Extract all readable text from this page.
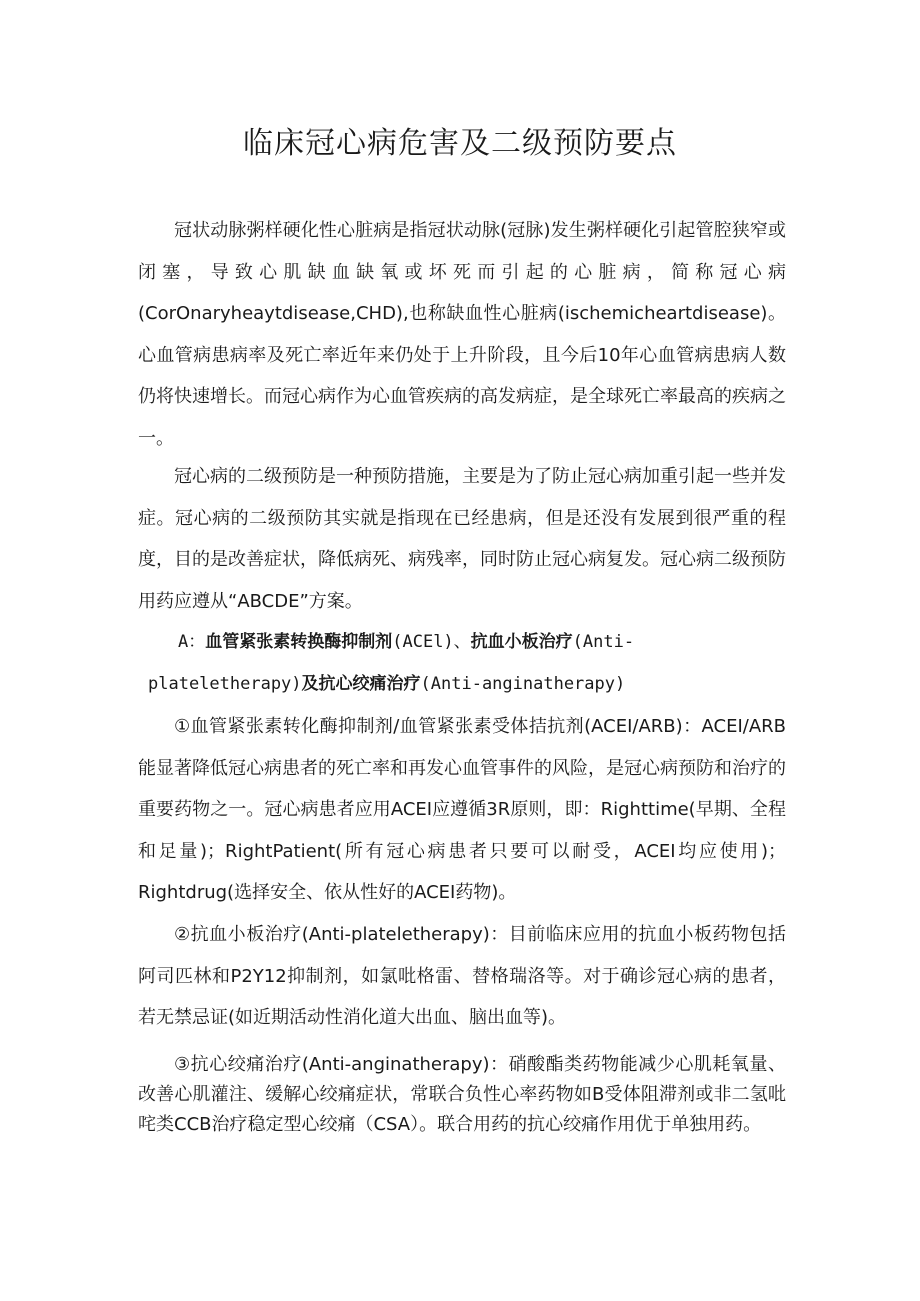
临床冠心病危害及二级预防要点

冠状动脉粥样硬化性心脏病是指冠状动脉(冠脉)发生粥样硬化引起管腔狭窄或闭塞，导致心肌缺血缺氧或坏死而引起的心脏病，简称冠心病(CorOnaryheaytdisease,CHD),也称缺血性心脏病(ischemicheartdisease)。心血管病患病率及死亡率近年来仍处于上升阶段，且今后10年心血管病患病人数仍将快速增长。而冠心病作为心血管疾病的高发病症，是全球死亡率最高的疾病之一。

冠心病的二级预防是一种预防措施，主要是为了防止冠心病加重引起一些并发症。冠心病的二级预防其实就是指现在已经患病，但是还没有发展到很严重的程度，目的是改善症状，降低病死、病残率，同时防止冠心病复发。冠心病二级预防用药应遵从“ABCDE”方案。

A：血管紧张素转换酶抑制剂(ACEl)、抗血小板治疗(Anti-
plateletherapy)及抗心绞痛治疗(Anti-anginatherapy)

①血管紧张素转化酶抑制剂/血管紧张素受体拮抗剂(ACEI/ARB)：ACEI/ARB能显著降低冠心病患者的死亡率和再发心血管事件的风险，是冠心病预防和治疗的重要药物之一。冠心病患者应用ACEI应遵循3R原则，即：Righttime(早期、全程和足量)；RightPatient(所有冠心病患者只要可以耐受，ACEI均应使用)；Rightdrug(选择安全、依从性好的ACEI药物)。

②抗血小板治疗(Anti-plateletherapy)：目前临床应用的抗血小板药物包括阿司匹林和P2Y12抑制剂，如氯吡格雷、替格瑞洛等。对于确诊冠心病的患者，若无禁忌证(如近期活动性消化道大出血、脑出血等)。

③抗心绞痛治疗(Anti-anginatherapy)：硝酸酯类药物能减少心肌耗氧量、改善心肌灌注、缓解心绞痛症状，常联合负性心率药物如B受体阻滞剂或非二氢吡咤类CCB治疗稳定型心绞痛（CSA）。联合用药的抗心绞痛作用优于单独用药。
